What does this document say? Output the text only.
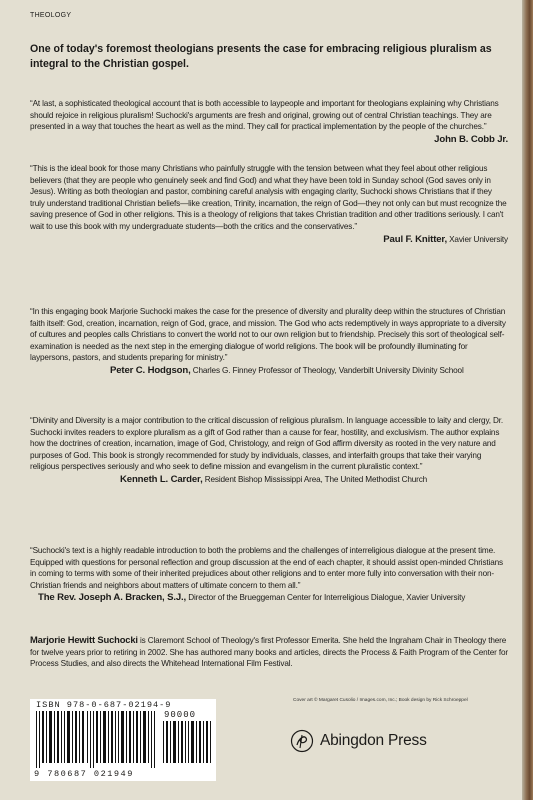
THEOLOGY
One of today's foremost theologians presents the case for embracing religious pluralism as integral to the Christian gospel.

“At last, a sophisticated theological account that is both accessible to laypeople and important for theologians explaining why Christians should rejoice in religious pluralism! Suchocki's arguments are fresh and original, growing out of central Christian teachings. They are presented in a way that touches the heart as well as the mind. They call for practical implementation by the people of the churches.”

John B. Cobb Jr.

“This is the ideal book for those many Christians who painfully struggle with the tension between what they feel about other religious believers (that they are people who genuinely seek and find God) and what they have been told in Sunday school (God saves only in Jesus). Writing as both theologian and pastor, combining careful analysis with engaging clarity, Suchocki shows Christians that if they truly understand traditional Christian beliefs—like creation, Trinity, incarnation, the reign of God—they not only can but must recognize the saving presence of God in other religions. This is a theology of religions that takes Christian tradition and other traditions seriously. I can't wait to use this book with my undergraduate students—both the critics and the conservatives.”

Paul F. Knitter, Xavier University

“In this engaging book Marjorie Suchocki makes the case for the presence of diversity and plurality deep within the structures of Christian faith itself: God, creation, incarnation, reign of God, grace, and mission. The God who acts redemptively in ways appropriate to a diversity of cultures and peoples calls Christians to convert the world not to our own religion but to friendship. Precisely this sort of theological self-examination is needed as the next step in the emerging dialogue of world religions. The book will be profoundly illuminating for laypersons, pastors, and students preparing for ministry.”

Peter C. Hodgson, Charles G. Finney Professor of Theology, Vanderbilt University Divinity School

“Divinity and Diversity is a major contribution to the critical discussion of religious pluralism. In language accessible to laity and clergy, Dr. Suchocki invites readers to explore pluralism as a gift of God rather than a cause for fear, hostility, and exclusivism. The author explains how the doctrines of creation, incarnation, image of God, Christology, and reign of God affirm diversity as rooted in the very nature and purposes of God. This book is strongly recommended for study by individuals, classes, and interfaith groups that take their varying religious perspectives seriously and who seek to define mission and evangelism in the current pluralistic context.”

Kenneth L. Carder, Resident Bishop Mississippi Area, The United Methodist Church

“Suchocki's text is a highly readable introduction to both the problems and the challenges of interreligious dialogue at the present time. Equipped with questions for personal reflection and group discussion at the end of each chapter, it should assist open-minded Christians in coming to terms with some of their inherited prejudices about other religions and to enter more fully into conversation with their non-Christian friends and neighbors about matters of ultimate concern to them all.”

The Rev. Joseph A. Bracken, S.J., Director of the Brueggeman Center for Interreligious Dialogue, Xavier University
Marjorie Hewitt Suchocki is Claremont School of Theology's first Professor Emerita. She held the Ingraham Chair in Theology there for twelve years prior to retiring in 2002. She has authored many books and articles, directs the Process & Faith Program of the Center for Process Studies, and also directs the Whitehead International Film Festival.
ISBN 978-0-687-02194-9
90000
9 780687 021949
Cover art © Margaret Cusolio / Images.com, Inc.; Book design by Rick Schroeppel
Abingdon Press
